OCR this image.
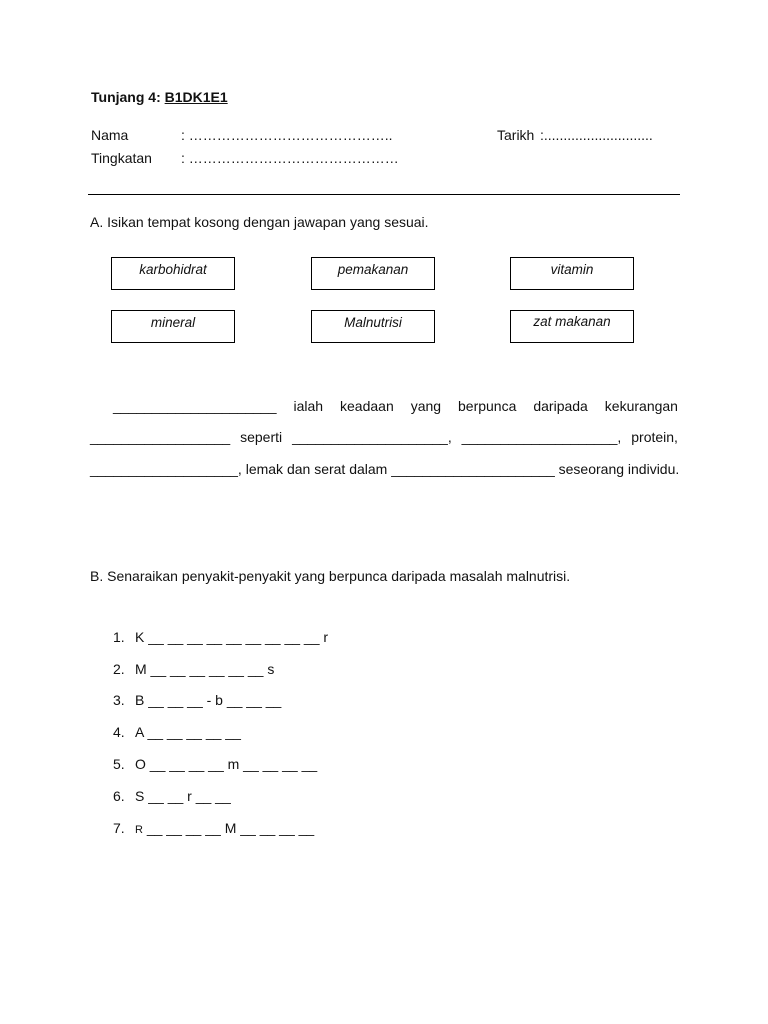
Tunjang 4: B1DK1E1
Nama	: ……………………………………..	Tarikh :............................
Tingkatan : ………………………………………
A. Isikan tempat kosong dengan jawapan yang sesuai.
karbohidrat	pemakanan	vitamin
mineral	Malnutrisi	zat makanan
_____________________ ialah keadaan yang berpunca daripada kekurangan
__________________ seperti ____________________, ____________________, protein,
___________________, lemak dan serat dalam _____________________ seseorang individu.
B. Senaraikan penyakit-penyakit yang berpunca daripada masalah malnutrisi.
1. K __ __ __ __ __ __ __ __ __ r
2. M __ __ __ __ __ __ s
3. B __ __ __ - b __ __ __
4. A __ __ __ __ __
5. O __ __ __ __ m __ __ __ __
6. S __ __ r __ __
7. R __ __ __ __ M __ __ __ __
